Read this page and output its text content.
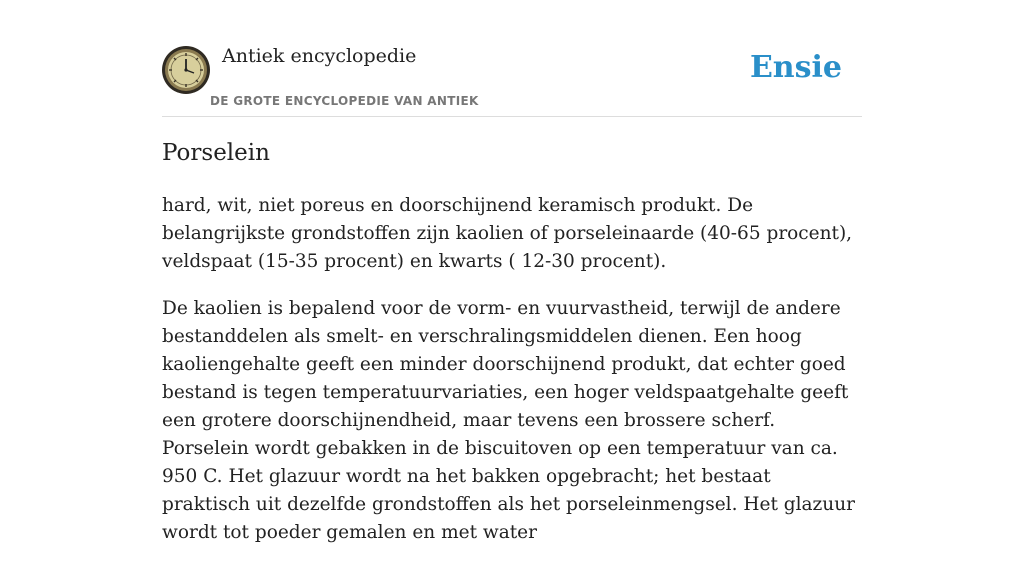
Antiek encyclopedie
DE GROTE ENCYCLOPEDIE VAN ANTIEK
Ensie
Porselein

hard, wit, niet poreus en doorschijnend keramisch produkt. De belangrijkste grondstoffen zijn kaolien of porseleinaarde (40-65 procent), veldspaat (15-35 procent) en kwarts ( 12-30 procent).

De kaolien is bepalend voor de vorm- en vuurvastheid, terwijl de andere bestanddelen als smelt- en verschralingsmiddelen dienen. Een hoog kaoliengehalte geeft een minder doorschijnend produkt, dat echter goed bestand is tegen temperatuurvariaties, een hoger veldspaatgehalte geeft een grotere doorschijnendheid, maar tevens een brossere scherf. Porselein wordt gebakken in de biscuitoven op een temperatuur van ca. 950 C. Het glazuur wordt na het bakken opgebracht; het bestaat praktisch uit dezelfde grondstoffen als het porseleinmengsel. Het glazuur wordt tot poeder gemalen en met water
